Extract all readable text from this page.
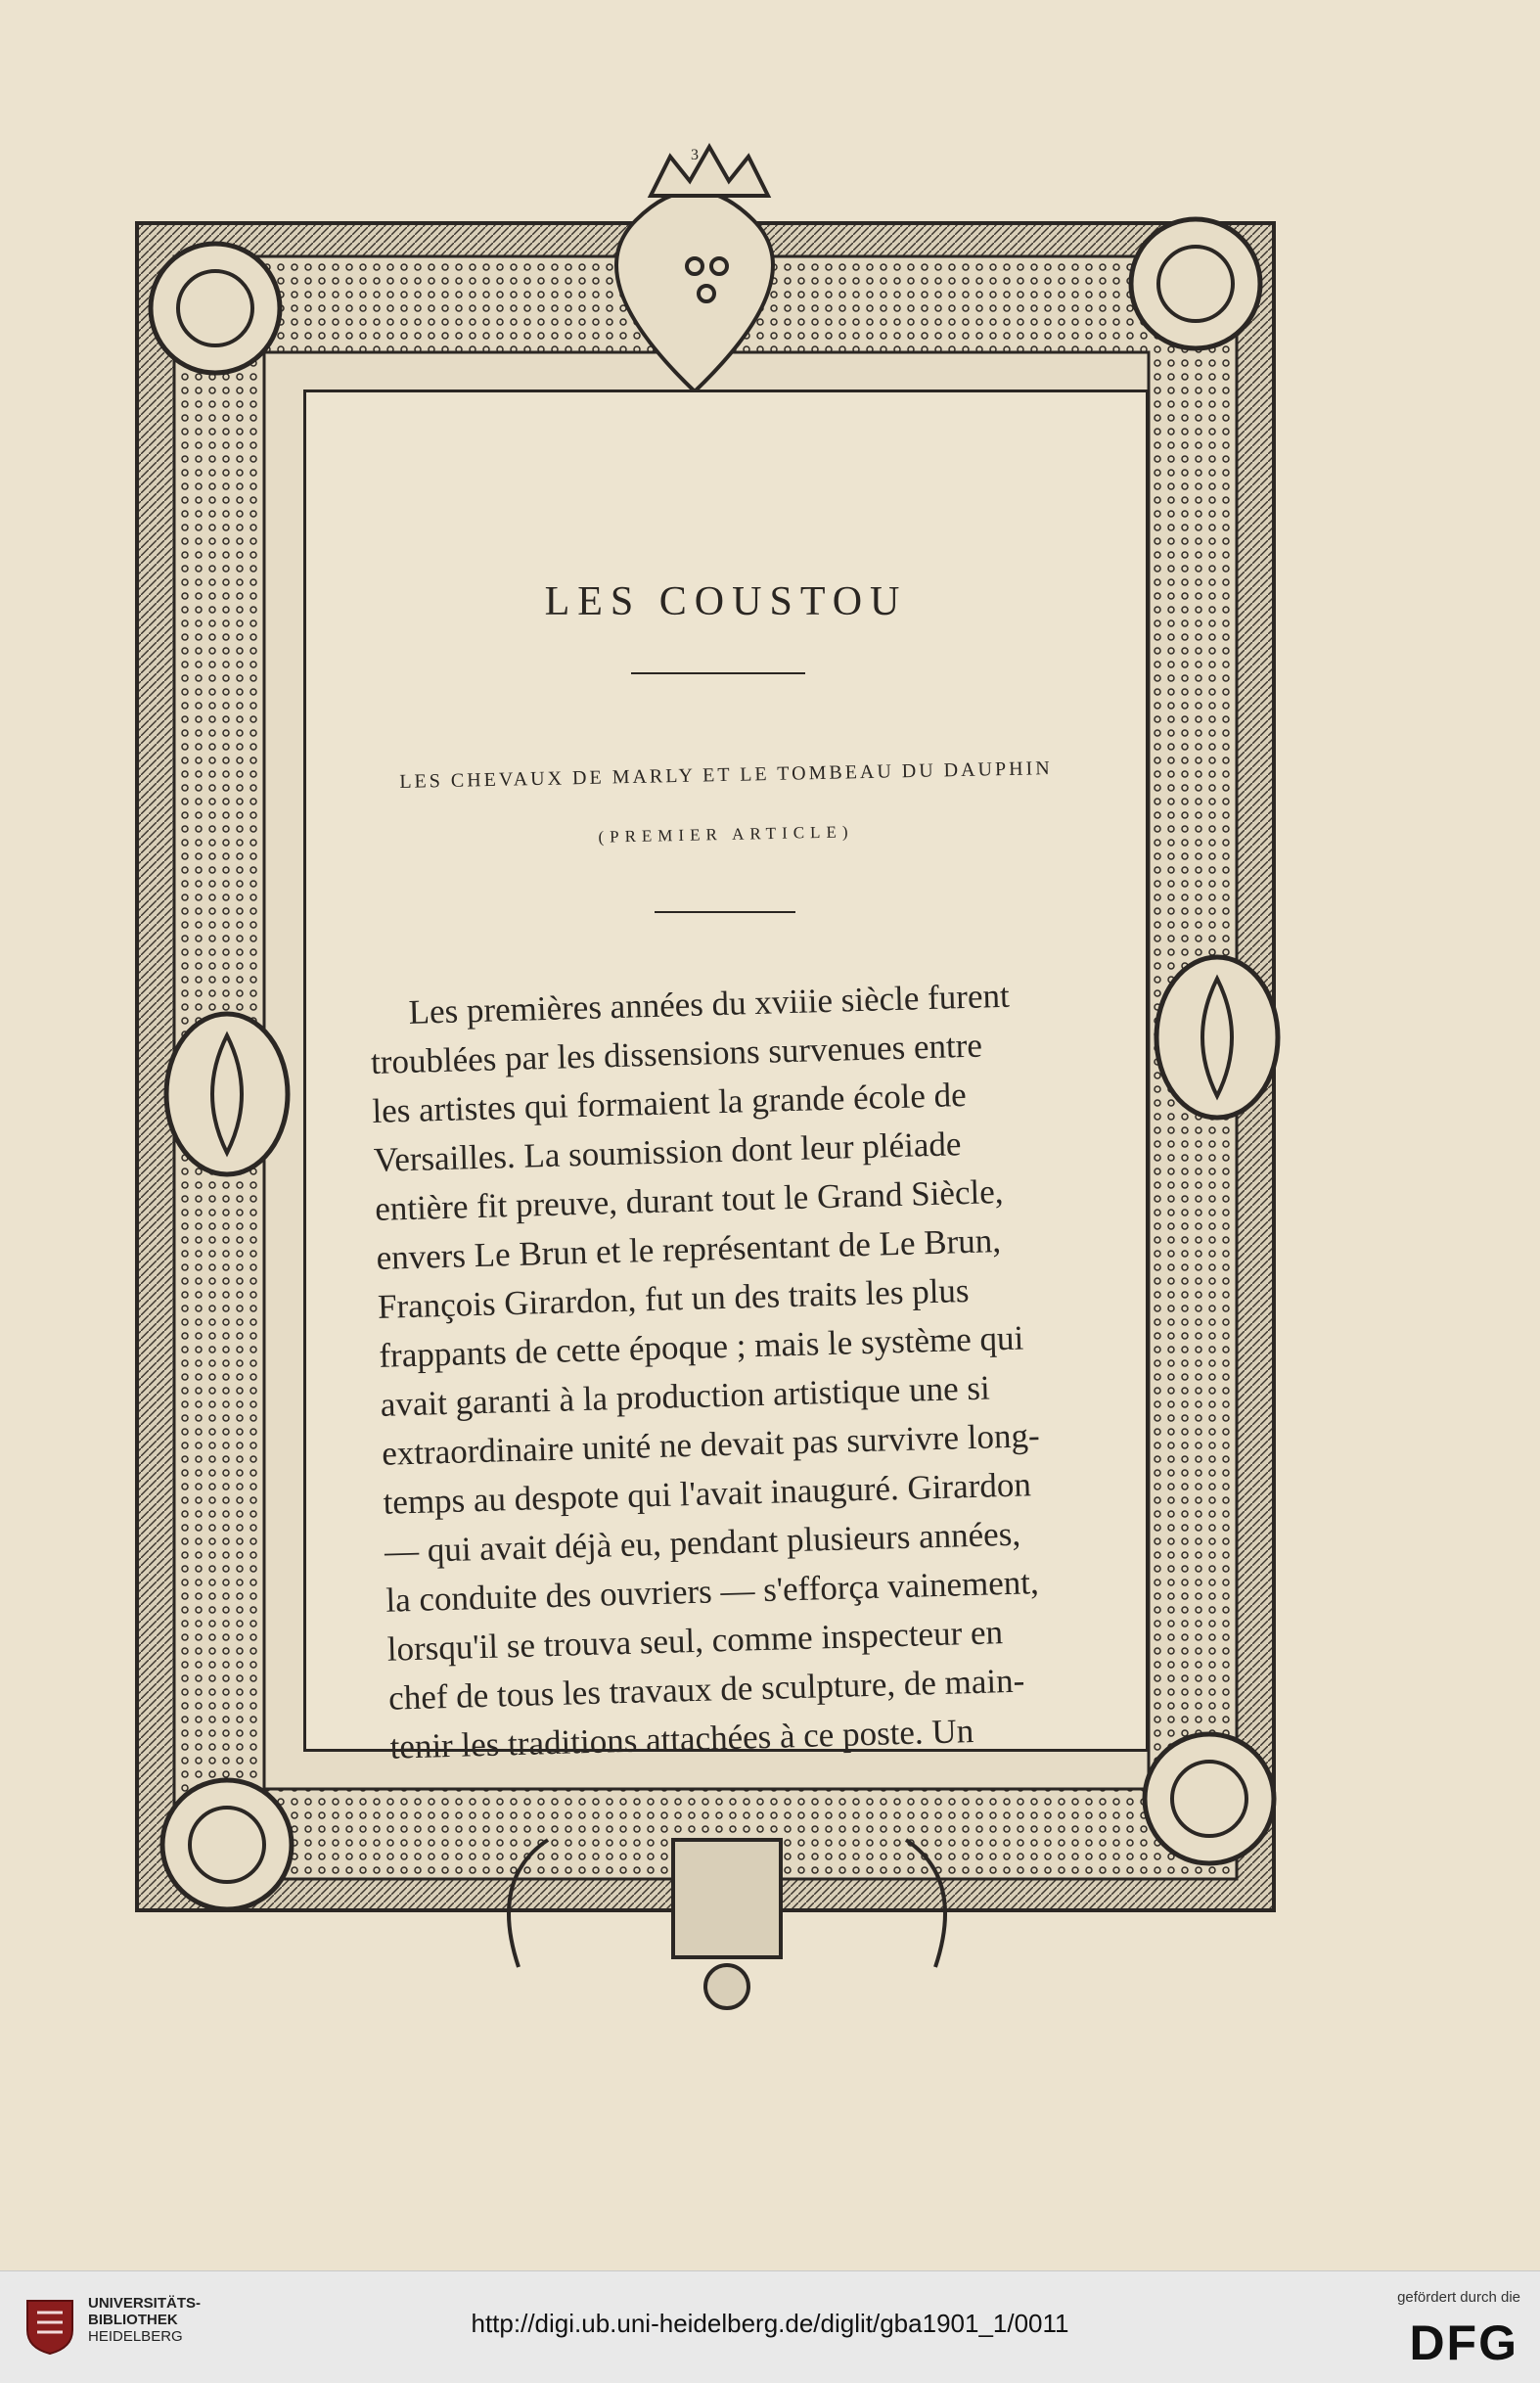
LES COUSTOU
LES CHEVAUX DE MARLY ET LE TOMBEAU DU DAUPHIN
(PREMIER ARTICLE)
Les premières années du xviiie siècle furent
troublées par les dissensions survenues entre
les artistes qui formaient la grande école de
Versailles. La soumission dont leur pléiade
entière fit preuve, durant tout le Grand Siècle,
envers Le Brun et le représentant de Le Brun,
François Girardon, fut un des traits les plus
frappants de cette époque ; mais le système qui
avait garanti à la production artistique une si
extraordinaire unité ne devait pas survivre long-
temps au despote qui l'avait inauguré. Girardon
— qui avait déjà eu, pendant plusieurs années,
la conduite des ouvriers — s'efforça vainement,
lorsqu'il se trouva seul, comme inspecteur en
chef de tous les travaux de sculpture, de main-
tenir les traditions attachées à ce poste. Un
3
UNIVERSITÄTS-
BIBLIOTHEK
HEIDELBERG	http://digi.ub.uni-heidelberg.de/diglit/gba1901_1/0011
gefördert durch die
DFG
